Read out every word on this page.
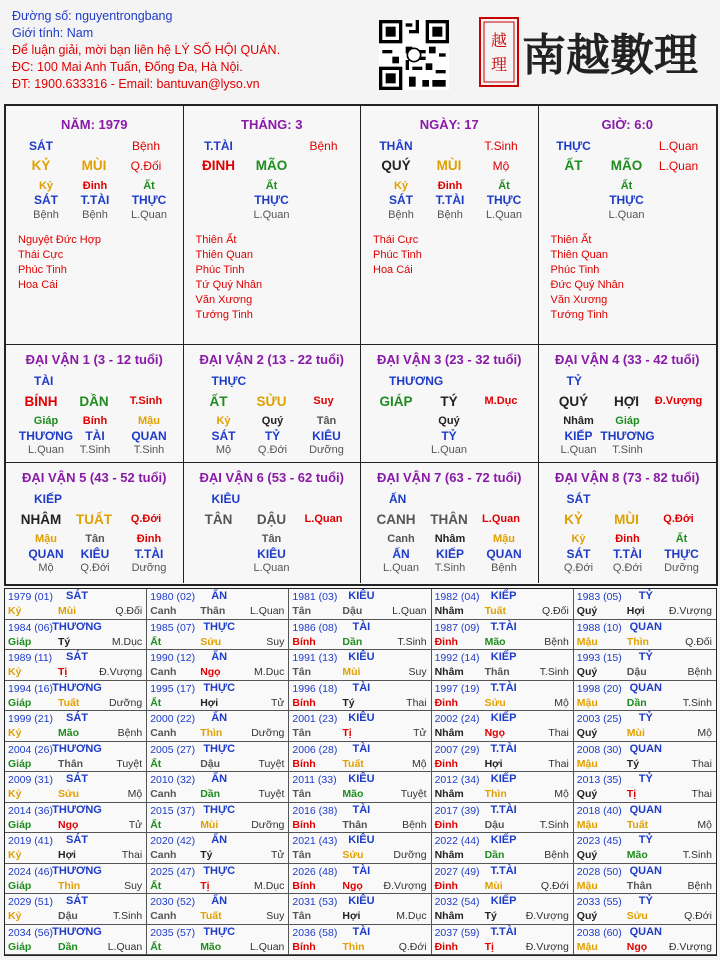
Đường số: nguyentrongbang
Giới tính: Nam
Để luận giải, mời bạn liên hệ LÝ SỐ HỘI QUÁN.
ĐC: 100 Mai Anh Tuấn, Đống Đa, Hà Nội.
ĐT: 1900.633316 - Email: bantuvan@lyso.vn
越
理 南越數理
NĂM: 1979
SÁT	Bệnh
KỶ MÙI Q.Đối
Kỷ
SÁT
Bệnh
Đinh
T.TÀI
Bệnh
Ất
THỰC
L.Quan
Nguyệt Đức Hợp
Thái Cực
Phúc Tinh
Hoa Cái
THÁNG: 3
T.TÀI	Bệnh
ĐINH MÃO
Ất
THỰC
L.Quan
Thiên Ất
Thiên Quan
Phúc Tinh
Tứ Quý Nhân
Văn Xương
Tướng Tinh
NGÀY: 17
THÂN	T.Sinh
QUÝ MÙI	Mộ
Kỷ
SÁT
Bệnh
Đinh
T.TÀI
Bệnh
Ất
THỰC
L.Quan
Thái Cực
Phúc Tinh
Hoa Cái
GIỜ: 6:0
THỰC	L.Quan
ẤT MÃO L.Quan
Ất
THỰC
L.Quan
Thiên Ất
Thiên Quan
Phúc Tinh
Đức Quý Nhân
Văn Xương
Tướng Tinh
ĐẠI VẬN 1 (3 - 12 tuổi)
TÀI
BÍNH DẦN T.Sinh
Giáp
THƯƠNG
L.Quan
Bính
TÀI
T.Sinh
Mậu
QUAN
T.Sinh
ĐẠI VẬN 2 (13 - 22 tuổi)
THỰC
ẤT SỬU Suy
Kỷ
SÁT
Mộ
Quý
TỶ
Q.Đới
Tân
KIÊU
Dưỡng
ĐẠI VẬN 3 (23 - 32 tuổi)
THƯƠNG
GIÁP TÝ M.Dục
Quý
TỶ
L.Quan
ĐẠI VẬN 4 (33 - 42 tuổi)
TỶ
QUÝ HỢI Đ.Vượng
Nhâm
KIẾP
L.Quan
Giáp
THƯƠNG
T.Sinh
ĐẠI VẬN 5 (43 - 52 tuổi)
KIẾP
NHÂM TUẤT Q.Đới
Mậu
QUAN
Mộ
Tân
KIÊU
Q.Đới
Đinh
T.TÀI
Dưỡng
ĐẠI VẬN 6 (53 - 62 tuổi)
KIÊU
TÂN DẬU L.Quan
Tân
KIÊU
L.Quan
ĐẠI VẬN 7 (63 - 72 tuổi)
ẤN
CANH THÂN L.Quan
Canh
ẤN
L.Quan
Nhâm
KIẾP
T.Sinh
Mậu
QUAN
Bệnh
ĐẠI VẬN 8 (73 - 82 tuổi)
SÁT
KỶ MÙI Q.Đới
Kỷ
SÁT
Q.Đới
Đinh
T.TÀI
Q.Đới
Ất
THỰC
Dưỡng
1979 (01) SÁT
Kỷ	Mùi	Q.Đối
1980 (02) ẤN
Canh Thân L.Quan
1981 (03) KIÊU
Tân	Dậu	L.Quan
1982 (04) KIẾP
Nhâm Tuất	Q.Đối
1983 (05) TỶ
Quý	Hợi Đ.Vượng
1984 (06) THƯƠNG
Giáp	Tý	M.Dục
1985 (07) THỰC
Ất	Sửu	Suy
1986 (08) TÀI
Bính	Dần	T.Sinh
1987 (09) T.TÀI
Đinh	Mão	Bệnh
1988 (10) QUAN
Mậu	Thìn	Q.Đối
1989 (11) SÁT
Kỷ	Tị	Đ.Vượng
1990 (12) ẤN
Canh Ngọ	M.Dục
1991 (13) KIÊU
Tân	Mùi	Suy
1992 (14) KIẾP
Nhâm Thân	T.Sinh
1993 (15) TỶ
Quý	Dậu	Bệnh
1994 (16) THƯƠNG
Giáp	Tuất	Dưỡng
1995 (17) THỰC
Ất	Hợi	Tử
1996 (18) TÀI
Bính	Tý	Thai
1997 (19) T.TÀI
Đinh	Sửu	Mộ
1998 (20) QUAN
Mậu	Dần	T.Sinh
1999 (21) SÁT
Kỷ	Mão	Bệnh
2000 (22) ẤN
Canh Thìn	Dưỡng
2001 (23) KIÊU
Tân	Tị	Tử
2002 (24) KIẾP
Nhâm Ngọ	Thai
2003 (25) TỶ
Quý	Mùi	Mộ
2004 (26) THƯƠNG
Giáp	Thân	Tuyệt
2005 (27) THỰC
Ất	Dậu	Tuyệt
2006 (28) TÀI
Bính	Tuất	Mộ
2007 (29) T.TÀI
Đinh	Hợi	Thai
2008 (30) QUAN
Mậu	Tý	Thai
2009 (31) SÁT
Kỷ	Sửu	Mộ
2010 (32) ẤN
Canh Dần	Tuyệt
2011 (33) KIÊU
Tân	Mão	Tuyệt
2012 (34) KIẾP
Nhâm Thìn	Mộ
2013 (35) TỶ
Quý	Tị	Thai
2014 (36) THƯƠNG
Giáp	Ngọ	Tử
2015 (37) THỰC
Ất	Mùi	Dưỡng
2016 (38) TÀI
Bính	Thân	Bệnh
2017 (39) T.TÀI
Đinh	Dậu	T.Sinh
2018 (40) QUAN
Mậu	Tuất	Mộ
2019 (41) SÁT
Kỷ	Hợi	Thai
2020 (42) ẤN
Canh Tý	Tử
2021 (43) KIÊU
Tân	Sửu	Dưỡng
2022 (44) KIẾP
Nhâm Dần	Bệnh
2023 (45) TỶ
Quý	Mão	T.Sinh
2024 (46) THƯƠNG
Giáp	Thìn	Suy
2025 (47) THỰC
Ất	Tị	M.Dục
2026 (48) TÀI
Bính	Ngọ Đ.Vượng
2027 (49) T.TÀI
Đinh	Mùi	Q.Đới
2028 (50) QUAN
Mậu	Thân	Bệnh
2029 (51) SÁT
Kỷ	Dậu	T.Sinh
2030 (52) ẤN
Canh Tuất	Suy
2031 (53) KIÊU
Tân	Hợi	M.Dục
2032 (54) KIẾP
Nhâm Tý	Đ.Vượng
2033 (55) TỶ
Quý	Sửu	Q.Đới
2034 (56) THƯƠNG
Giáp	Dần	L.Quan
2035 (57) THỰC
Ất	Mão	L.Quan
2036 (58) TÀI
Bính	Thìn	Q.Đới
2037 (59) T.TÀI
Đinh	Tị	Đ.Vượng
2038 (60) QUAN
Mậu	Ngọ Đ.Vượng
